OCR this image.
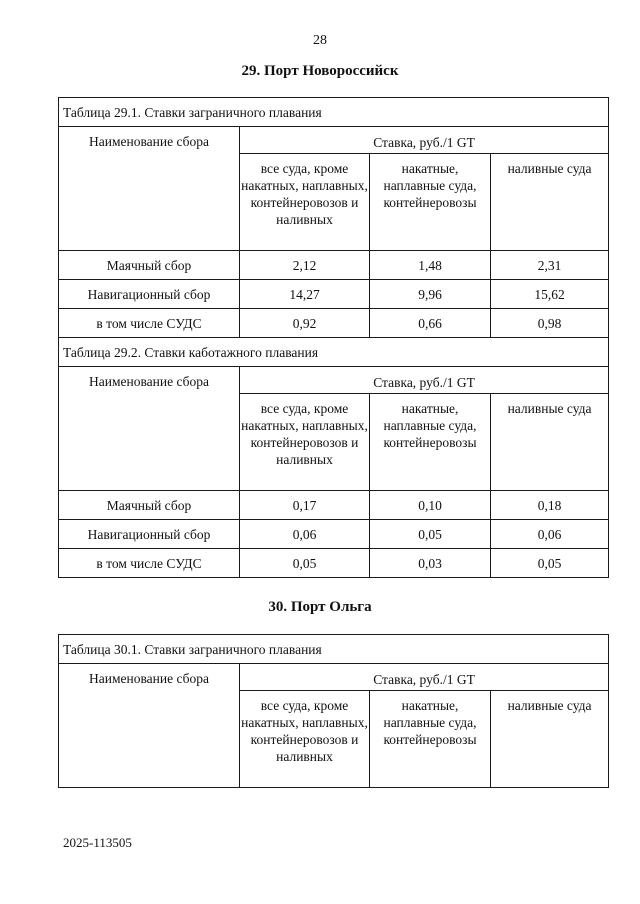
28
29. Порт Новороссийск
Таблица 29.1. Ставки заграничного плавания			
Наименование сбора	Ставка, руб./1 GT		
	все суда, кроме накатных, наплавных, контейнеровозов и наливных	накатные, наплавные суда, контейнеровозы	наливные суда
Маячный сбор	2,12	1,48	2,31
Навигационный сбор	14,27	9,96	15,62
в том числе СУДС	0,92	0,66	0,98
Таблица 29.2. Ставки каботажного плавания			
Наименование сбора	Ставка, руб./1 GT		
	все суда, кроме накатных, наплавных, контейнеровозов и наливных	накатные, наплавные суда, контейнеровозы	наливные суда
Маячный сбор	0,17	0,10	0,18
Навигационный сбор	0,06	0,05	0,06
в том числе СУДС	0,05	0,03	0,05
30. Порт Ольга
Таблица 30.1. Ставки заграничного плавания			
Наименование сбора	Ставка, руб./1 GT		
	все суда, кроме накатных, наплавных, контейнеровозов и наливных	накатные, наплавные суда, контейнеровозы	наливные суда
2025-113505
